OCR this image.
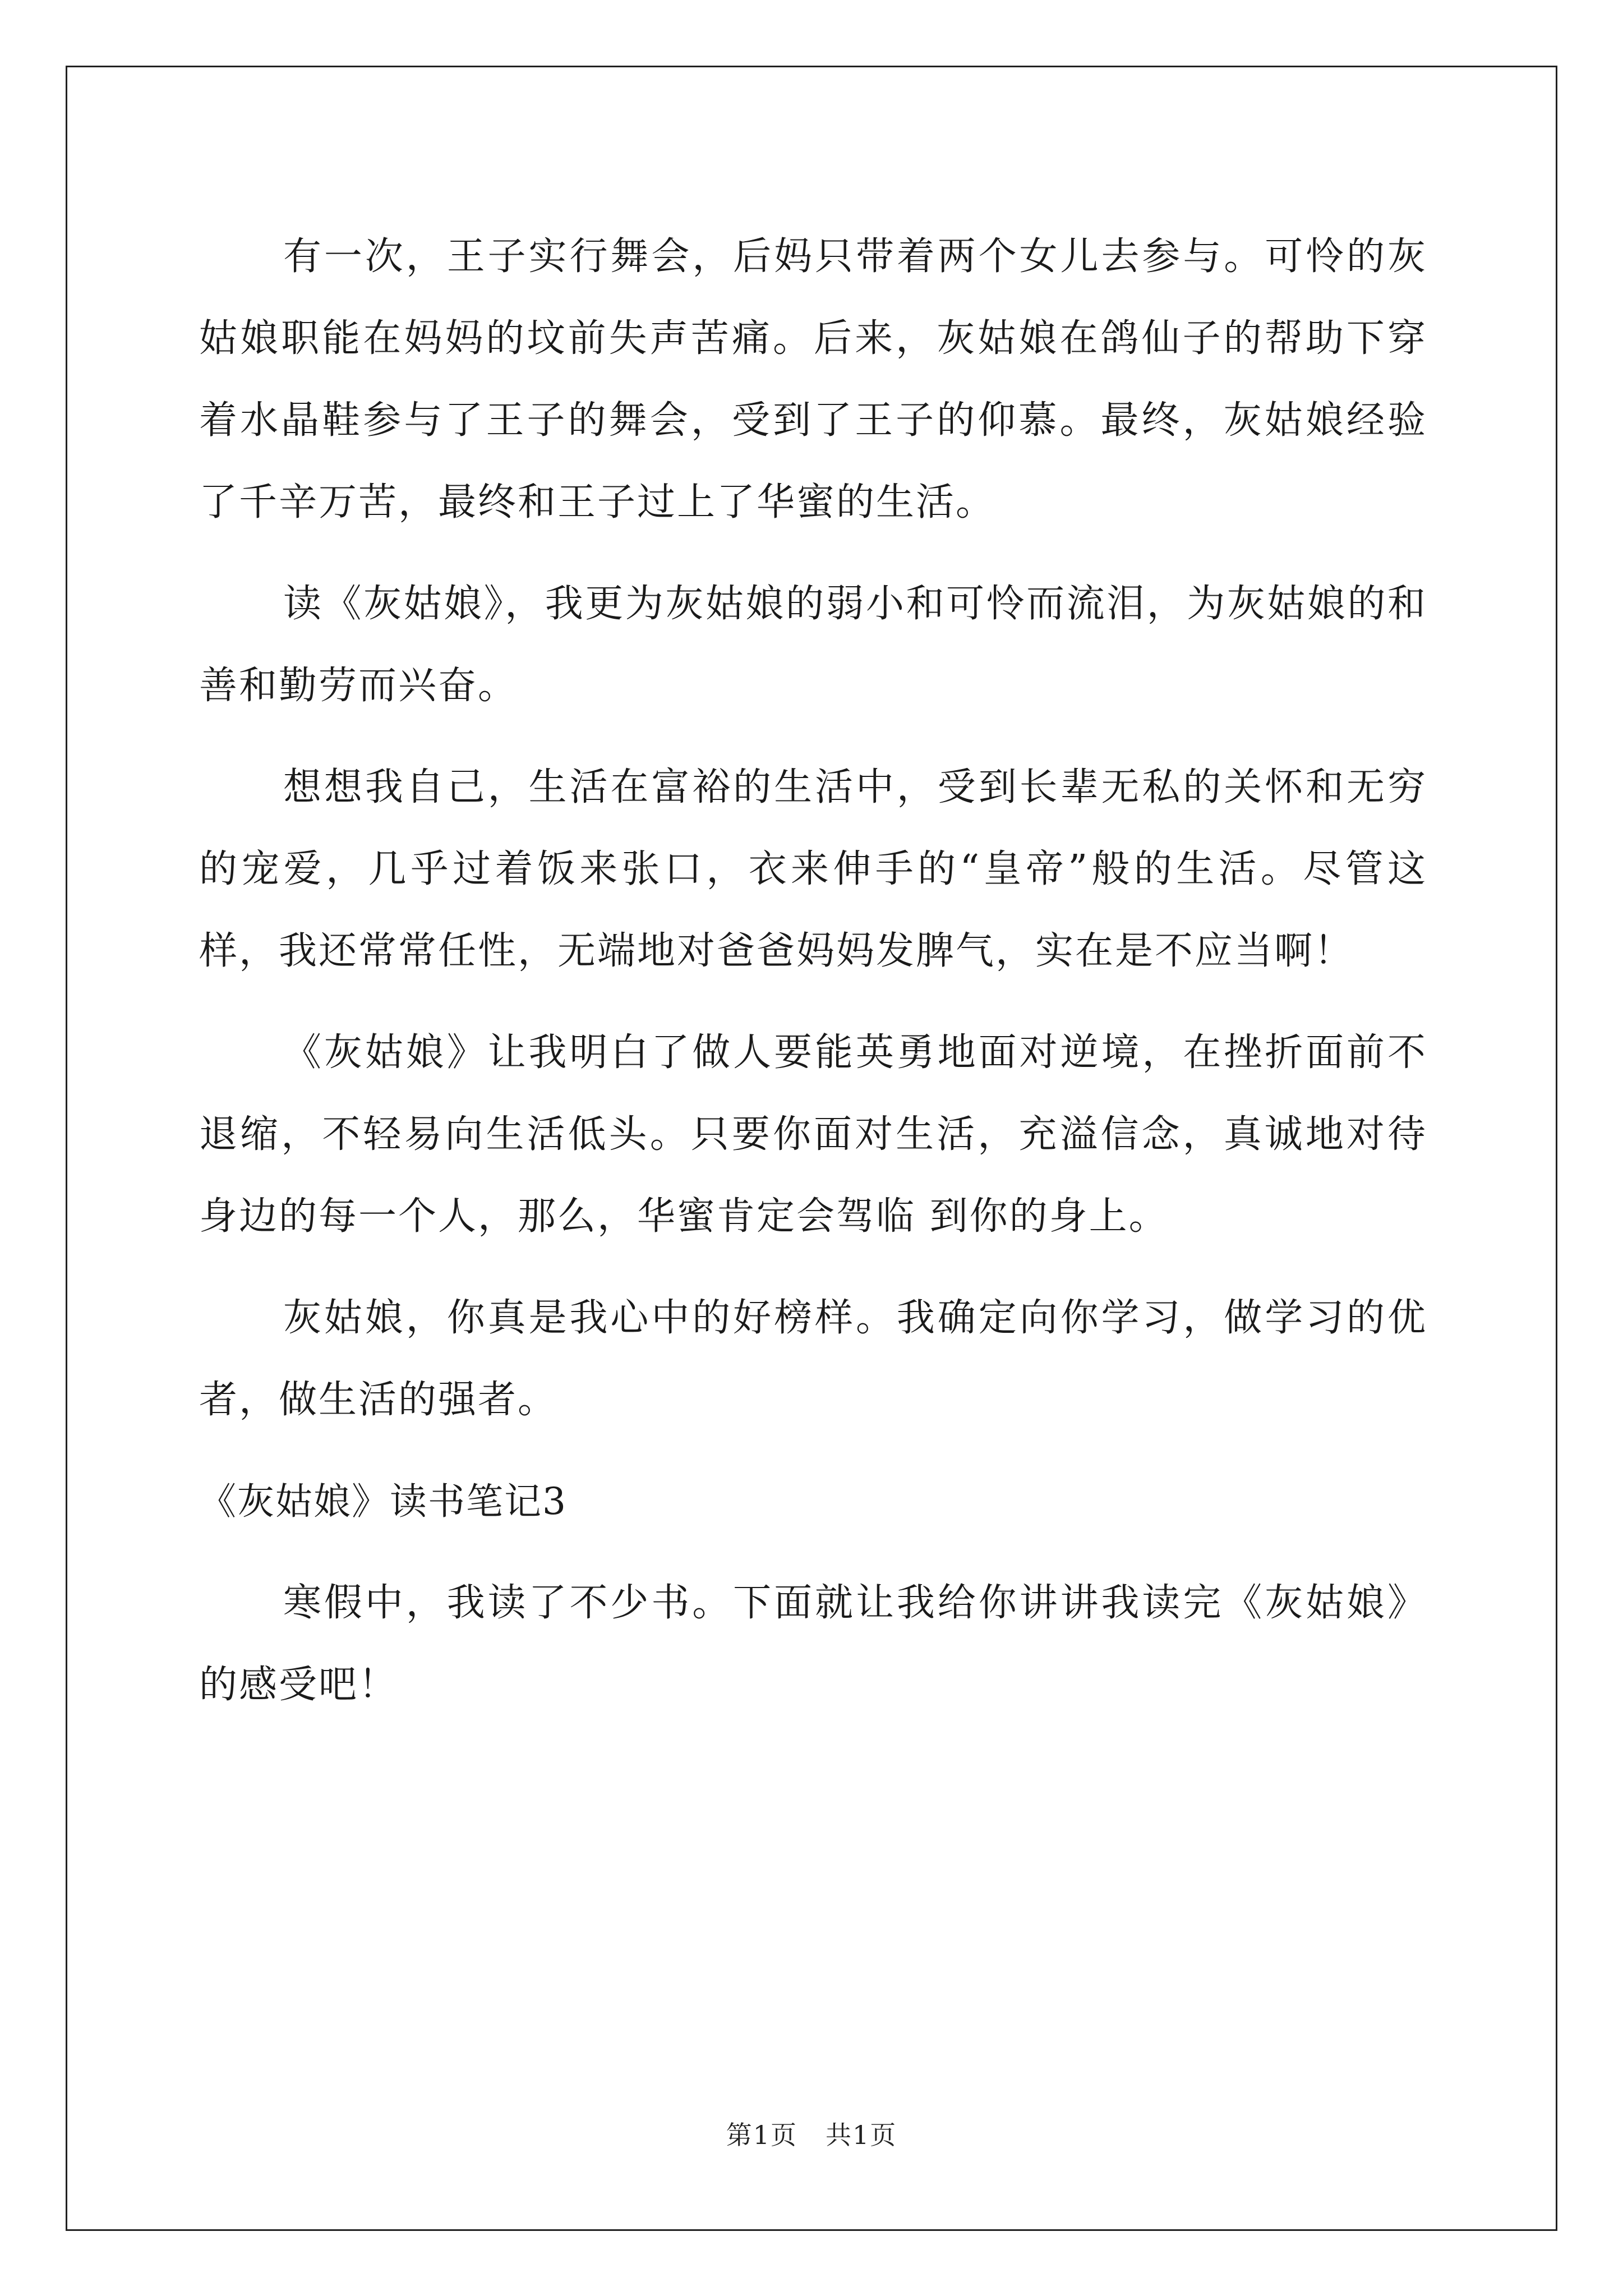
有一次，王子实行舞会，后妈只带着两个女儿去参与。可怜的灰姑娘职能在妈妈的坟前失声苦痛。后来，灰姑娘在鸽仙子的帮助下穿着水晶鞋参与了王子的舞会，受到了王子的仰慕。最终，灰姑娘经验了千辛万苦，最终和王子过上了华蜜的生活。

读《灰姑娘》，我更为灰姑娘的弱小和可怜而流泪，为灰姑娘的和善和勤劳而兴奋。

想想我自己，生活在富裕的生活中，受到长辈无私的关怀和无穷的宠爱，几乎过着饭来张口，衣来伸手的“皇帝”般的生活。尽管这样，我还常常任性，无端地对爸爸妈妈发脾气，实在是不应当啊！

《灰姑娘》让我明白了做人要能英勇地面对逆境，在挫折面前不退缩，不轻易向生活低头。只要你面对生活，充溢信念，真诚地对待身边的每一个人，那么，华蜜肯定会驾临 到你的身上。

灰姑娘，你真是我心中的好榜样。我确定向你学习，做学习的优者，做生活的强者。

《灰姑娘》读书笔记3

寒假中，我读了不少书。下面就让我给你讲讲我读完《灰姑娘》的感受吧！

第1页 共1页
